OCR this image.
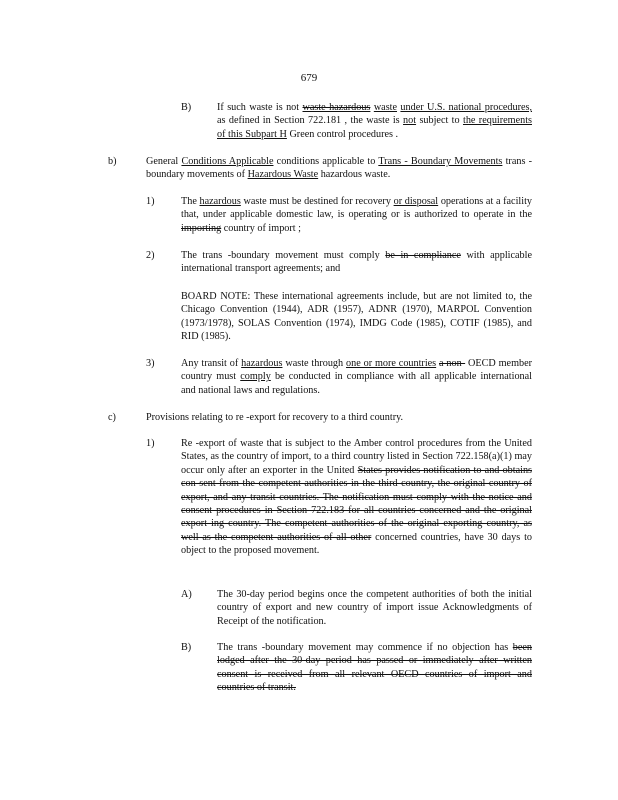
679
B)	If such waste is not waste hazardous waste under U.S. national procedures, as defined in Section 722.181 , the waste is not subject to the requirements of this Subpart H Green control procedures .
b)	General Conditions Applicable conditions applicable to Trans - Boundary Movements trans -boundary movements of Hazardous Waste hazardous waste.
1)	The hazardous waste must be destined for recovery or disposal operations at a facility that, under applicable domestic law, is operating or is authorized to operate in the importing country of import ;
2)	The trans -boundary movement must comply be in compliance with applicable international transport agreements; and
BOARD NOTE: These international agreements include, but are not limited to, the Chicago Convention (1944), ADR (1957), ADNR (1970), MARPOL Convention (1973/1978), SOLAS Convention (1974), IMDG Code (1985), COTIF (1985), and RID (1985).
3)	Any transit of hazardous waste through one or more countries a non- OECD member country must comply be conducted in compliance with all applicable international and national laws and regulations.
c)	Provisions relating to re -export for recovery to a third country.
1)	Re -export of waste that is subject to the Amber control procedures from the United States, as the country of import, to a third country listed in Section 722.158(a)(1) may occur only after an exporter in the United States provides notification to and obtains con sent from the competent authorities in the third country, the original country of export, and any transit countries. The notification must comply with the notice and consent procedures in Section 722.183 for all countries concerned and the original export ing country. The competent authorities of the original exporting country, as well as the competent authorities of all other concerned countries, have 30 days to object to the proposed movement.
A) The 30-day period begins once the competent authorities of both the initial country of export and new country of import issue Acknowledgments of Receipt of the notification.
B)	The trans -boundary movement may commence if no objection has been lodged after the 30-day period has passed or immediately after written consent is received from all relevant OECD countries of import and countries of transit.
